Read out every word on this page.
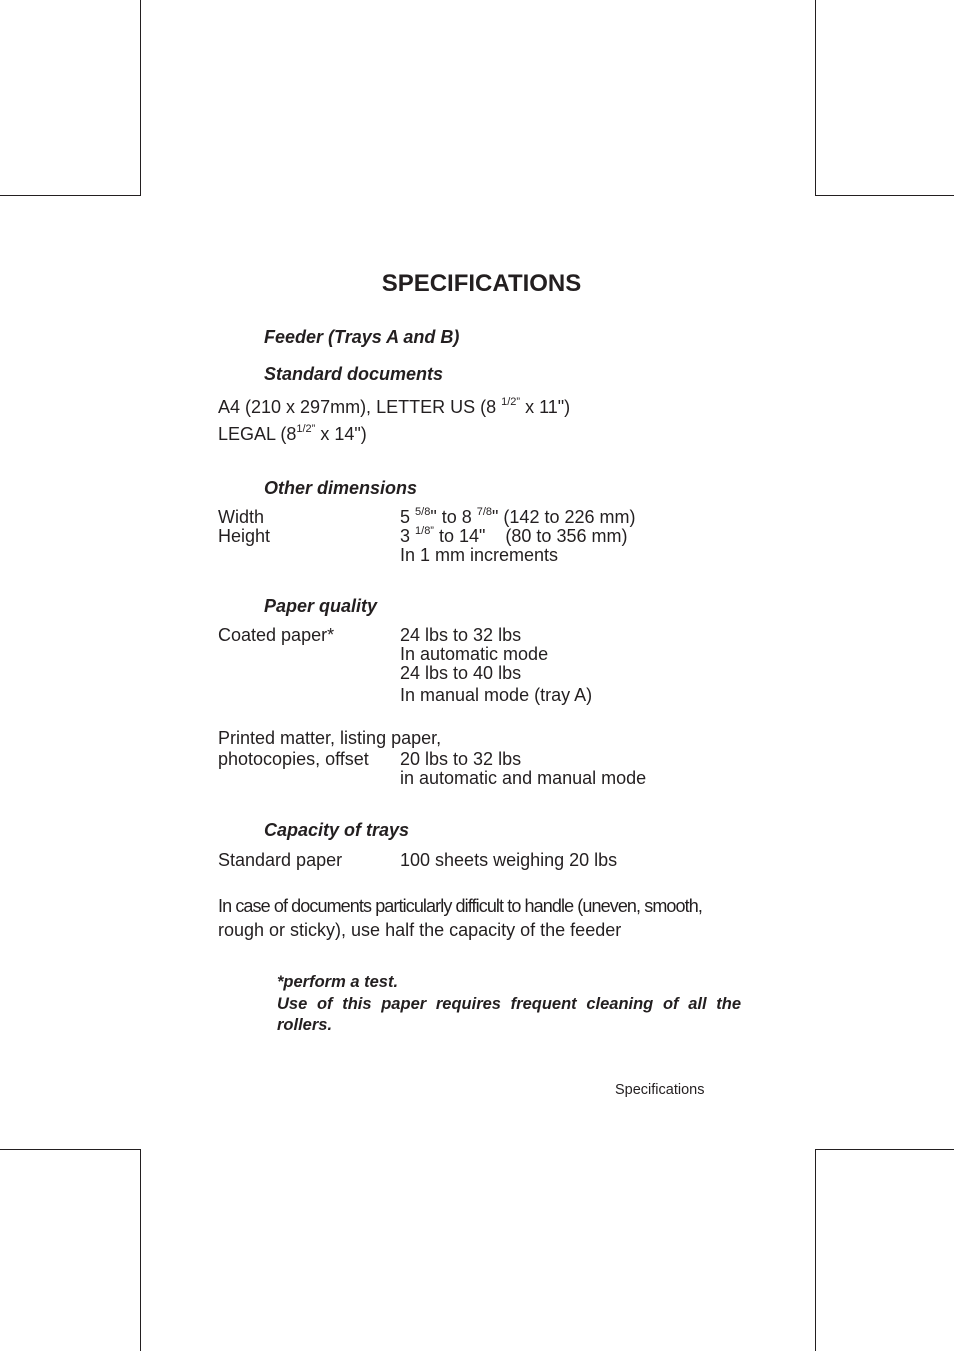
SPECIFICATIONS
Feeder (Trays A and B)
Standard documents
A4 (210 x 297mm), LETTER US (8 $^{1/2”}$ x 11")
LEGAL ($8^{1/2”}$ x 14")
Other dimensions
Width	5 $^{5/8}$" to 8 $^{7/8}$" (142 to 226 mm)
Height	3 $^{1/8”}$ to 14"    (80 to 356 mm)
In 1 mm increments
Paper quality
Coated paper*	24 lbs to 32 lbs
In automatic mode
24 lbs to 40 lbs
In manual mode (tray A)
Printed matter, listing paper,
photocopies, offset 20 lbs to 32 lbs
in automatic and manual mode
Capacity of trays
Standard paper	100 sheets weighing 20 lbs
In case of documents particularly difficult to handle (uneven, smooth,
rough or sticky), use half the capacity of the feeder

*perform a test.

Use of this paper requires frequent cleaning of all the rollers.

Specifications
